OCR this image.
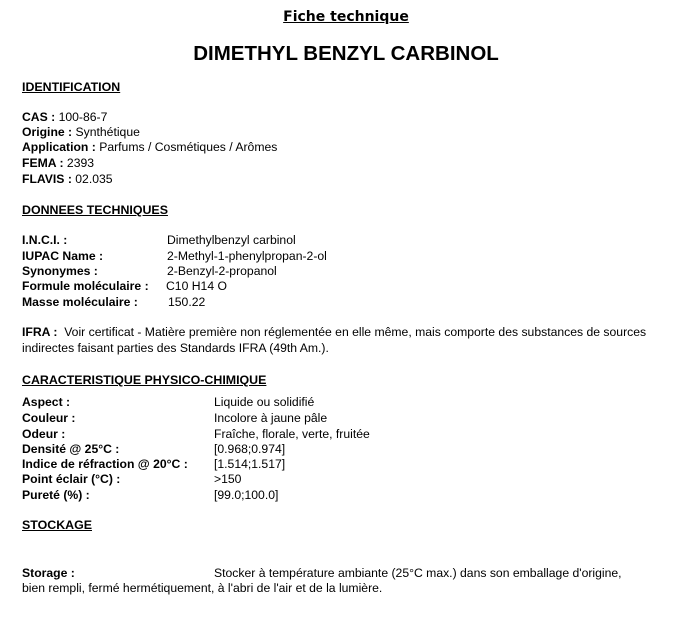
Fiche technique
DIMETHYL BENZYL CARBINOL
IDENTIFICATION
CAS : 100-86-7
Origine : Synthétique
Application : Parfums / Cosmétiques / Arômes
FEMA : 2393
FLAVIS : 02.035
DONNEES TECHNIQUES
I.N.C.I. :	Dimethylbenzyl carbinol
IUPAC Name :	2-Methyl-1-phenylpropan-2-ol
Synonymes :	2-Benzyl-2-propanol
Formule moléculaire : C10 H14 O
Masse moléculaire : 150.22
IFRA : Voir certificat - Matière première non réglementée en elle même, mais comporte des substances de sources indirectes faisant parties des Standards IFRA (49th Am.).
CARACTERISTIQUE PHYSICO-CHIMIQUE
Aspect :	Liquide ou solidifié
Couleur :	Incolore à jaune pâle
Odeur :	Fraîche, florale, verte, fruitée
Densité @ 25°C :	[0.968;0.974]
Indice de réfraction @ 20°C : [1.514;1.517]
Point éclair (°C) :	>150
Pureté (%) :	[99.0;100.0]
STOCKAGE
Storage :	Stocker à température ambiante (25°C max.) dans son emballage d'origine,
bien rempli, fermé hermétiquement, à l'abri de l'air et de la lumière.
